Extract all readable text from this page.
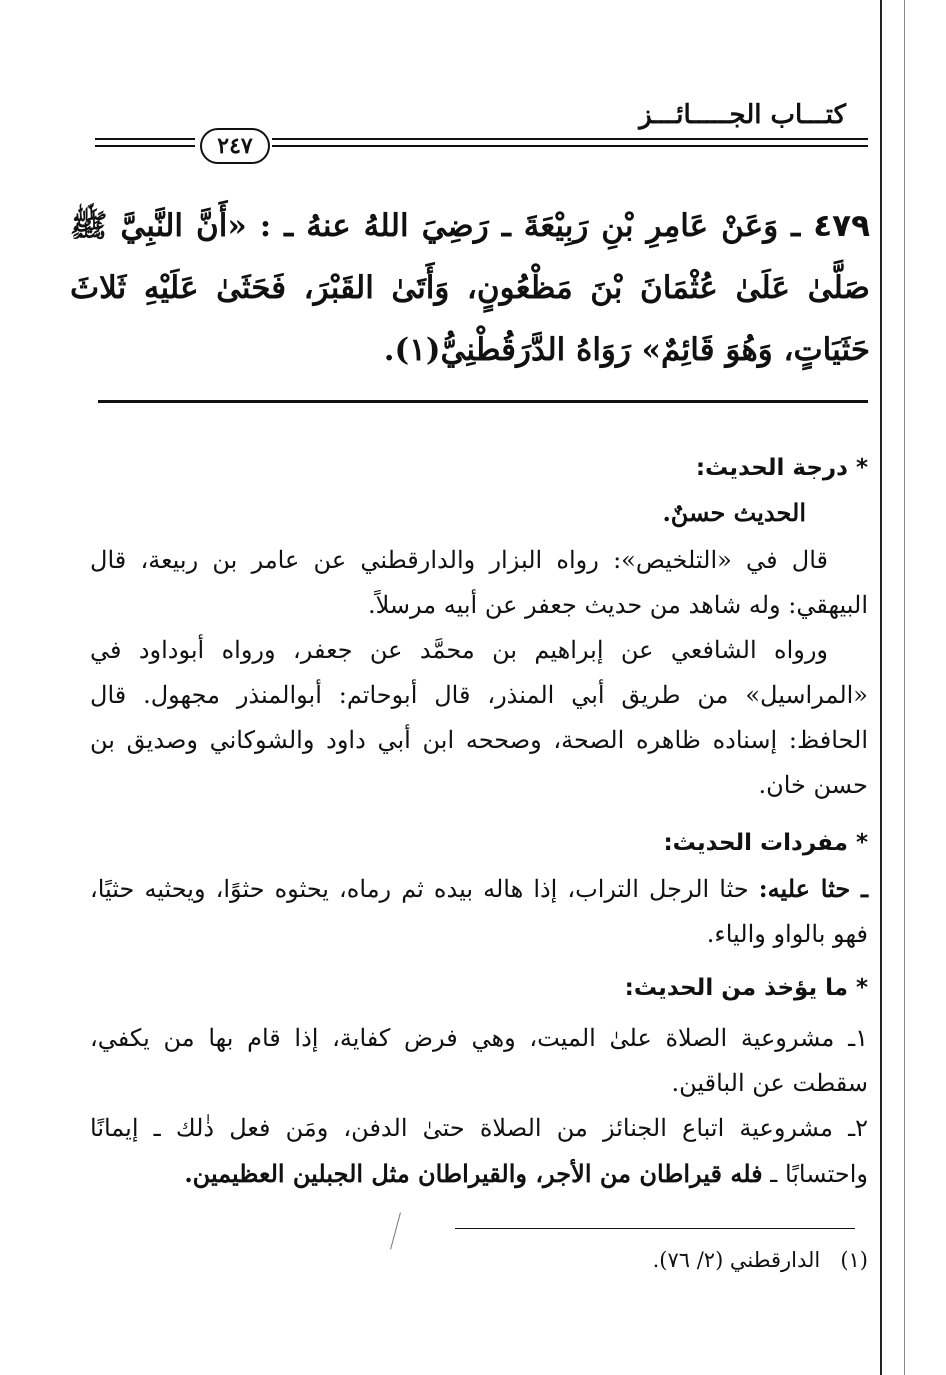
كتـــاب الجـــــائـــز
٢٤٧
٤٧٩ ـ وَعَنْ عَامِرِ بْنِ رَبِيْعَةَ ـ رَضِيَ اللهُ عنهُ ـ : «أَنَّ النَّبِيَّ ﷺ صَلَّىٰ عَلَىٰ عُثْمَانَ بْنَ مَظْعُونٍ، وَأَتَىٰ القَبْرَ، فَحَثَىٰ عَلَيْهِ ثَلاثَ حَثَيَاتٍ، وَهُوَ قَائِمٌ» رَوَاهُ الدَّرَقُطْنِيُّ(١).
* درجة الحديث:
الحديث حسنٌ.
قال في «التلخيص»: رواه البزار والدارقطني عن عامر بن ربيعة، قال البيهقي: وله شاهد من حديث جعفر عن أبيه مرسلاً.
ورواه الشافعي عن إبراهيم بن محمَّد عن جعفر، ورواه أبوداود في «المراسيل» من طريق أبي المنذر، قال أبوحاتم: أبوالمنذر مجهول. قال الحافظ: إسناده ظاهره الصحة، وصححه ابن أبي داود والشوكاني وصديق بن حسن خان.
* مفردات الحديث:
ـ حثا عليه: حثا الرجل التراب، إذا هاله بيده ثم رماه، يحثوه حثوًا، ويحثيه حثيًا، فهو بالواو والياء.
* ما يؤخذ من الحديث:
١ـ مشروعية الصلاة علىٰ الميت، وهي فرض كفاية، إذا قام بها من يكفي، سقطت عن الباقين.
٢ـ مشروعية اتباع الجنائز من الصلاة حتىٰ الدفن، ومَن فعل ذٰلك ـ إيمانًا واحتسابًا ـ فله قيراطان من الأجر، والقيراطان مثل الجبلين العظيمين.
(١)   الدارقطني (٢/ ٧٦).
